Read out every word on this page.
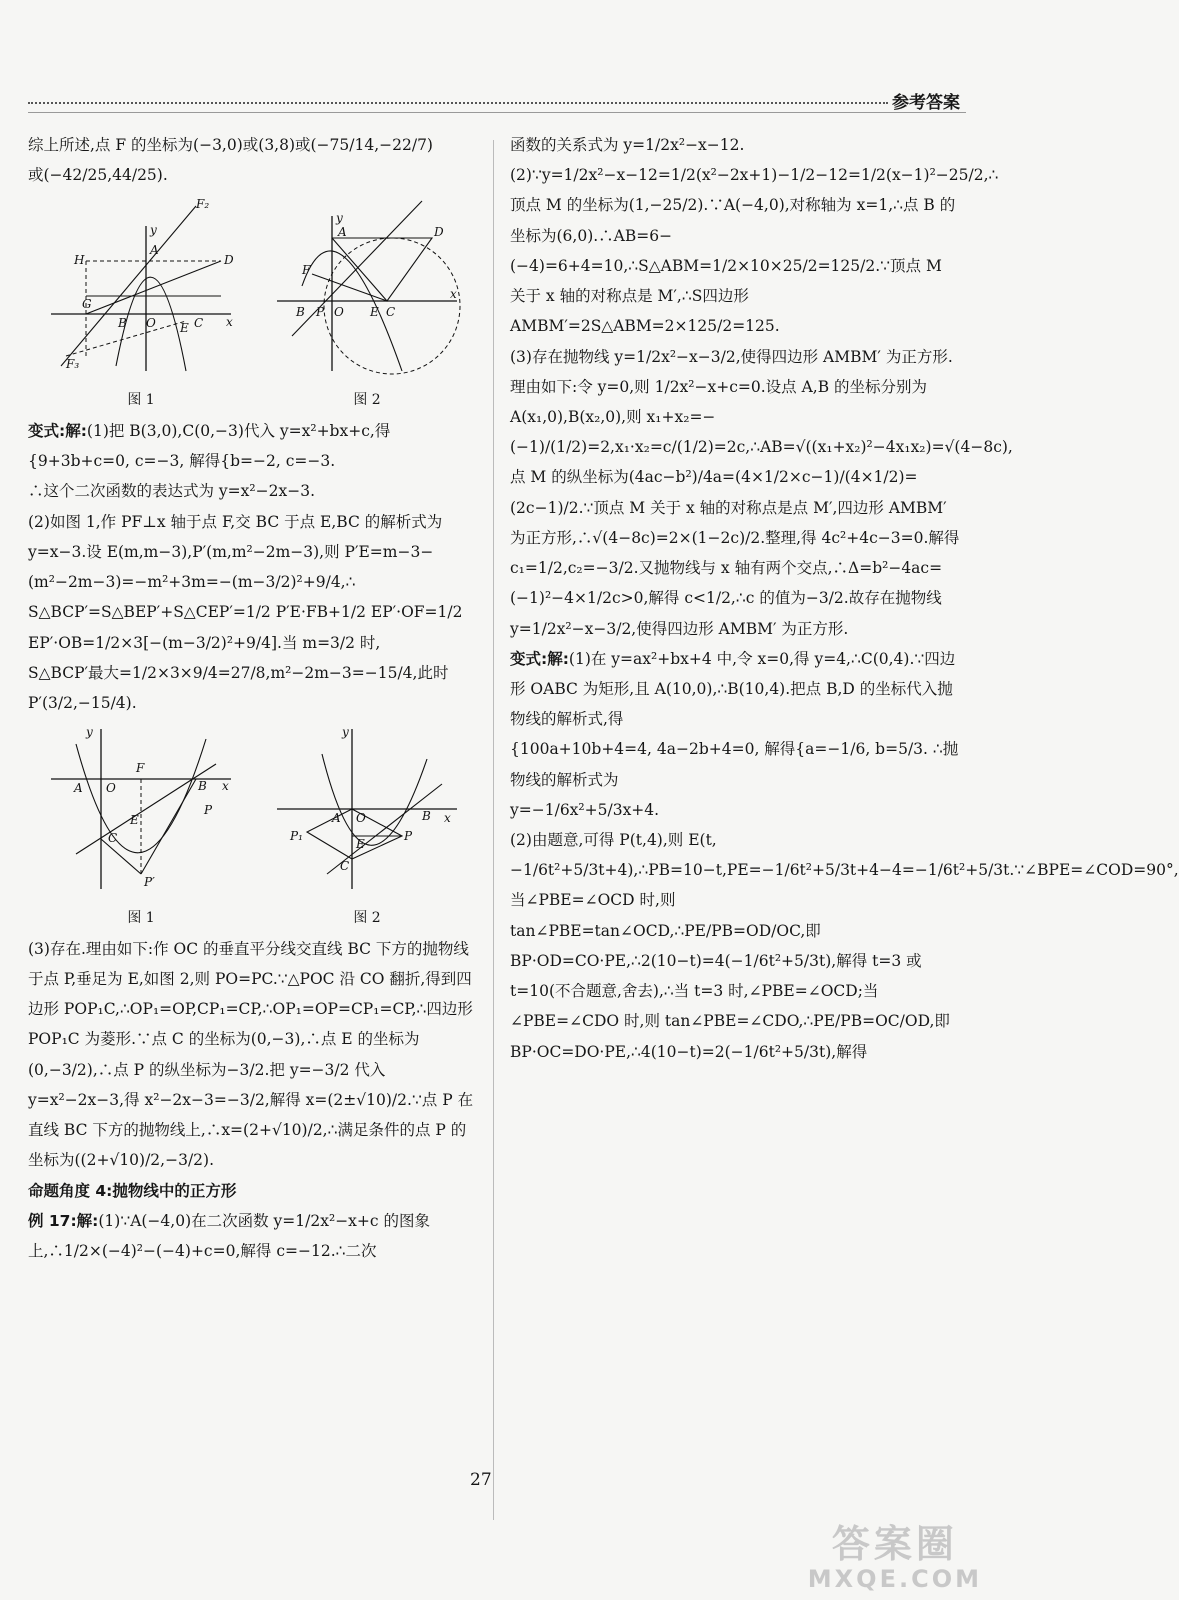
参考答案

综上所述,点 F 的坐标为(−3,0)或(3,8)或(−75/14,−22/7)

或(−42/25,44/25).

H
G
A
D
B O	C
E	x
y
F₂
F₃
图 1
A	D
F
B P O E C
x
y
图 2

变式:解:(1)把 B(3,0),C(0,−3)代入 y=x²+bx+c,得

{9+3b+c=0, c=−3, 解得{b=−2, c=−3.

∴这个二次函数的表达式为 y=x²−2x−3.

(2)如图 1,作 PF⊥x 轴于点 F,交 BC 于点 E,BC 的解析式为 y=x−3.设 E(m,m−3),P′(m,m²−2m−3),则 P′E=m−3−(m²−2m−3)=−m²+3m=−(m−3/2)²+9/4,∴

S△BCP′=S△BEP′+S△CEP′=1/2 P′E·FB+1/2 EP′·OF=1/2 EP′·OB=1/2×3[−(m−3/2)²+9/4].当 m=3/2 时,

S△BCP′最大=1/2×3×9/4=27/8,m²−2m−3=−15/4,此时 P′(3/2,−15/4).

A O
F
B x
E
C
P′
P
y
图 1
A O	B x
E
P
P₁
C
y
图 2

(3)存在.理由如下:作 OC 的垂直平分线交直线 BC 下方的抛物线于点 P,垂足为 E,如图 2,则 PO=PC.∵△POC 沿 CO 翻折,得到四边形 POP₁C,∴OP₁=OP,CP₁=CP,∴OP₁=OP=CP₁=CP,∴四边形 POP₁C 为菱形.∵点 C 的坐标为(0,−3),∴点 E 的坐标为(0,−3/2),∴点 P 的纵坐标为−3/2.把 y=−3/2 代入 y=x²−2x−3,得 x²−2x−3=−3/2,解得 x=(2±√10)/2.∵点 P 在直线 BC 下方的抛物线上,∴x=(2+√10)/2,∴满足条件的点 P 的坐标为((2+√10)/2,−3/2).

命题角度 4:抛物线中的正方形

例 17:解:(1)∵A(−4,0)在二次函数 y=1/2x²−x+c 的图象上,∴1/2×(−4)²−(−4)+c=0,解得 c=−12.∴二次

函数的关系式为 y=1/2x²−x−12.

(2)∵y=1/2x²−x−12=1/2(x²−2x+1)−1/2−12=1/2(x−1)²−25/2,∴顶点 M 的坐标为(1,−25/2).∵A(−4,0),对称轴为 x=1,∴点 B 的坐标为(6,0).∴AB=6−(−4)=6+4=10,∴S△ABM=1/2×10×25/2=125/2.∵顶点 M 关于 x 轴的对称点是 M′,∴S四边形AMBM′=2S△ABM=2×125/2=125.

(3)存在抛物线 y=1/2x²−x−3/2,使得四边形 AMBM′ 为正方形.理由如下:令 y=0,则 1/2x²−x+c=0.设点 A,B 的坐标分别为 A(x₁,0),B(x₂,0),则 x₁+x₂=−(−1)/(1/2)=2,x₁·x₂=c/(1/2)=2c,∴AB=√((x₁+x₂)²−4x₁x₂)=√(4−8c),点 M 的纵坐标为(4ac−b²)/4a=(4×1/2×c−1)/(4×1/2)=(2c−1)/2.∵顶点 M 关于 x 轴的对称点是点 M′,四边形 AMBM′ 为正方形,∴√(4−8c)=2×(1−2c)/2.整理,得 4c²+4c−3=0.解得 c₁=1/2,c₂=−3/2.又抛物线与 x 轴有两个交点,∴Δ=b²−4ac=(−1)²−4×1/2c>0,解得 c<1/2,∴c 的值为−3/2.故存在抛物线 y=1/2x²−x−3/2,使得四边形 AMBM′ 为正方形.

变式:解:(1)在 y=ax²+bx+4 中,令 x=0,得 y=4,∴C(0,4).∵四边形 OABC 为矩形,且 A(10,0),∴B(10,4).把点 B,D 的坐标代入抛物线的解析式,得

{100a+10b+4=4, 4a−2b+4=0, 解得{a=−1/6, b=5/3. ∴抛物线的解析式为

y=−1/6x²+5/3x+4.

(2)由题意,可得 P(t,4),则 E(t,−1/6t²+5/3t+4),∴PB=10−t,PE=−1/6t²+5/3t+4−4=−1/6t²+5/3t.∵∠BPE=∠COD=90°,当∠PBE=∠OCD 时,则 tan∠PBE=tan∠OCD,∴PE/PB=OD/OC,即 BP·OD=CO·PE,∴2(10−t)=4(−1/6t²+5/3t),解得 t=3 或 t=10(不合题意,舍去),∴当 t=3 时,∠PBE=∠OCD;当∠PBE=∠CDO 时,则 tan∠PBE=∠CDO,∴PE/PB=OC/OD,即 BP·OC=DO·PE,∴4(10−t)=2(−1/6t²+5/3t),解得

27
答案圈
MXQE.COM
